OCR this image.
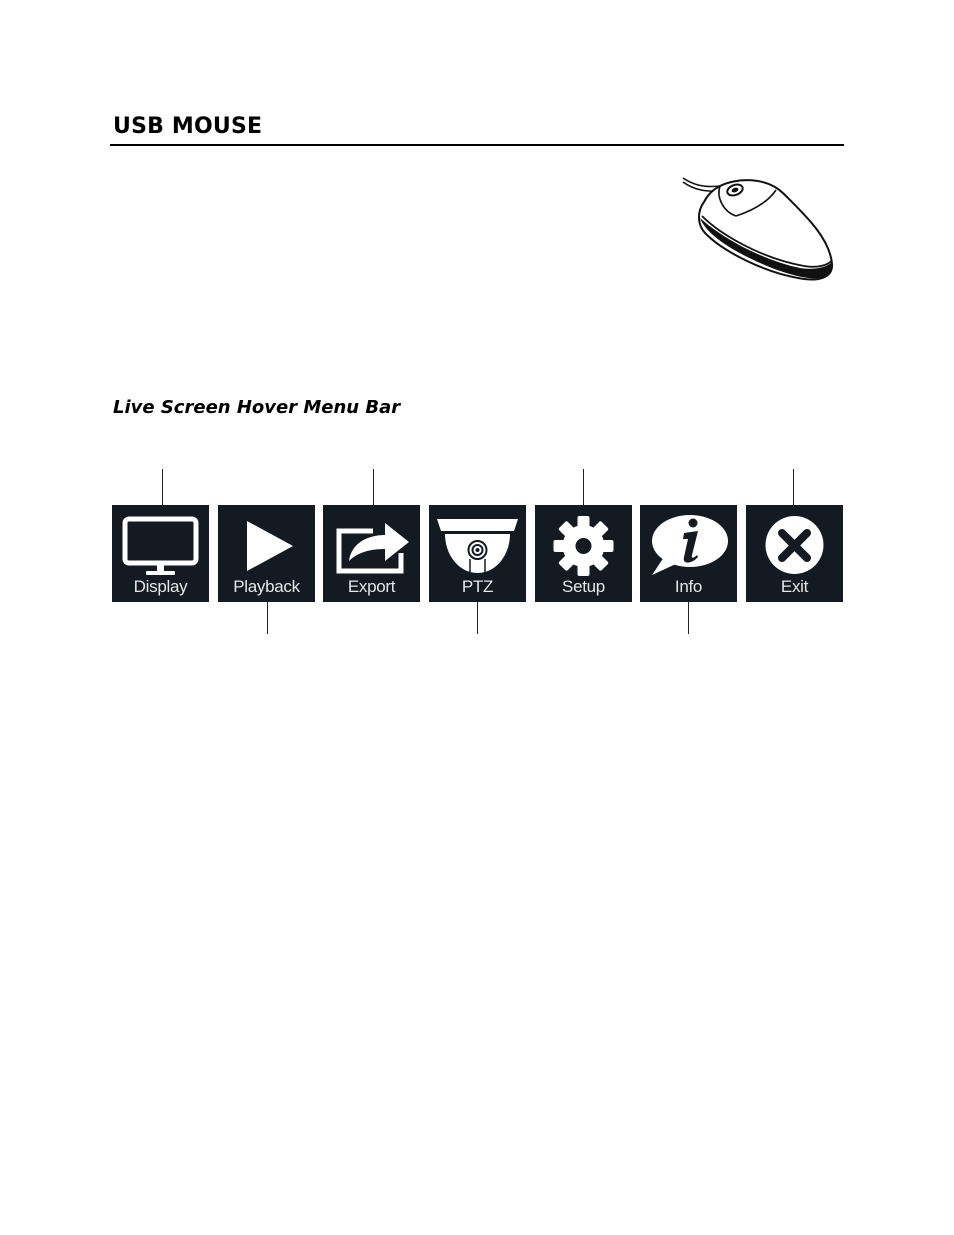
USB MOUSE
Live Screen Hover Menu Bar
Display	Playback	Export	PTZ	Setup	Info	Exit
